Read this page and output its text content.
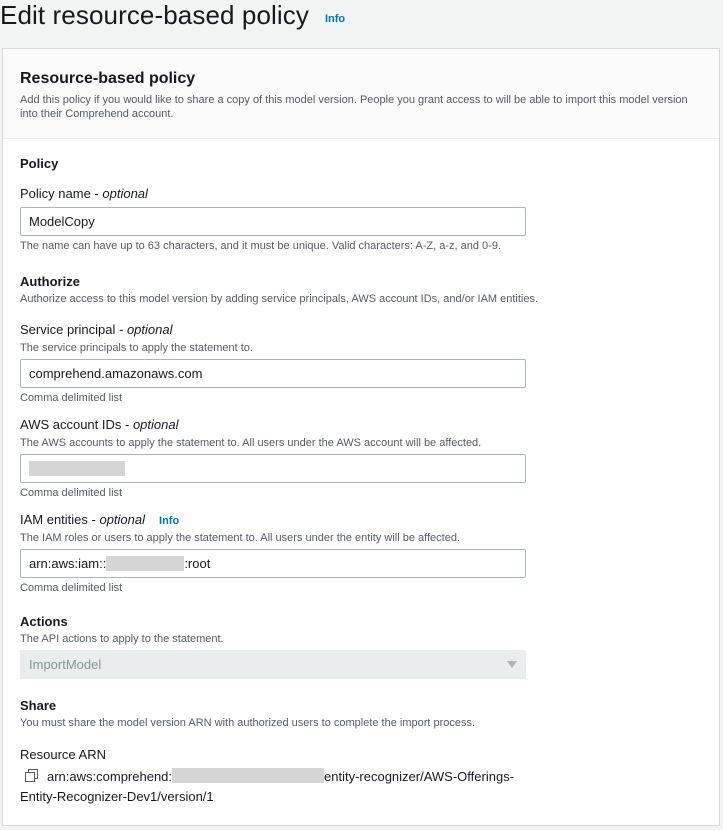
Edit resource-based policy Info
Resource-based policy
Add this policy if you would like to share a copy of this model version. People you grant access to will be able to import this model version
into their Comprehend account.
Policy
Policy name - optional
ModelCopy
The name can have up to 63 characters, and it must be unique. Valid characters: A-Z, a-z, and 0-9.
Authorize
Authorize access to this model version by adding service principals, AWS account IDs, and/or IAM entities.
Service principal - optional
The service principals to apply the statement to.
comprehend.amazonaws.com
Comma delimited list
AWS account IDs - optional
The AWS accounts to apply the statement to. All users under the AWS account will be affected.
Comma delimited list
IAM entities - optional Info
The IAM roles or users to apply the statement to. All users under the entity will be affected.
arn:aws:iam::	:root
Comma delimited list
Actions
The API actions to apply to the statement.
ImportModel
Share
You must share the model version ARN with authorized users to complete the import process.
Resource ARN
arn:aws:comprehend:	entity-recognizer/AWS-Offerings-
Entity-Recognizer-Dev1/version/1
